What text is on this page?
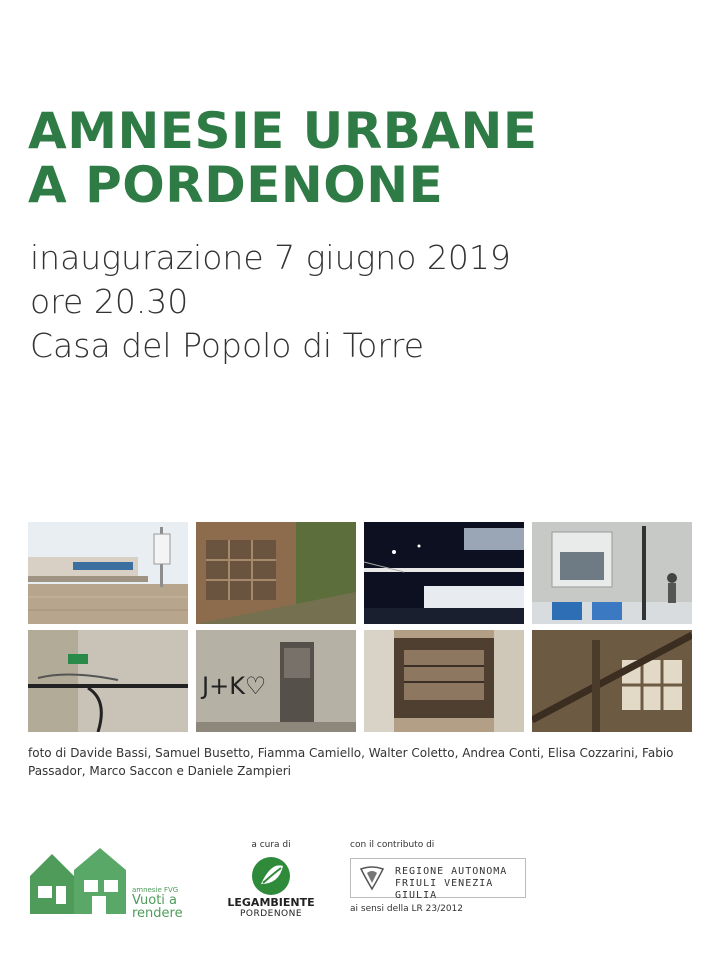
AMNESIE URBANE
A PORDENONE
inaugurazione 7 giugno 2019
ore 20.30
Casa del Popolo di Torre
J+K♡
foto di Davide Bassi, Samuel Busetto, Fiamma Camiello, Walter Coletto, Andrea Conti, Elisa Cozzarini, Fabio Passador, Marco Saccon e Daniele Zampieri
amnesie FVG
Vuoti a
rendere
a cura di
LEGAMBIENTE
PORDENONE
con il contributo di
REGIONE AUTONOMA
FRIULI VENEZIA GIULIA
ai sensi della LR 23/2012
